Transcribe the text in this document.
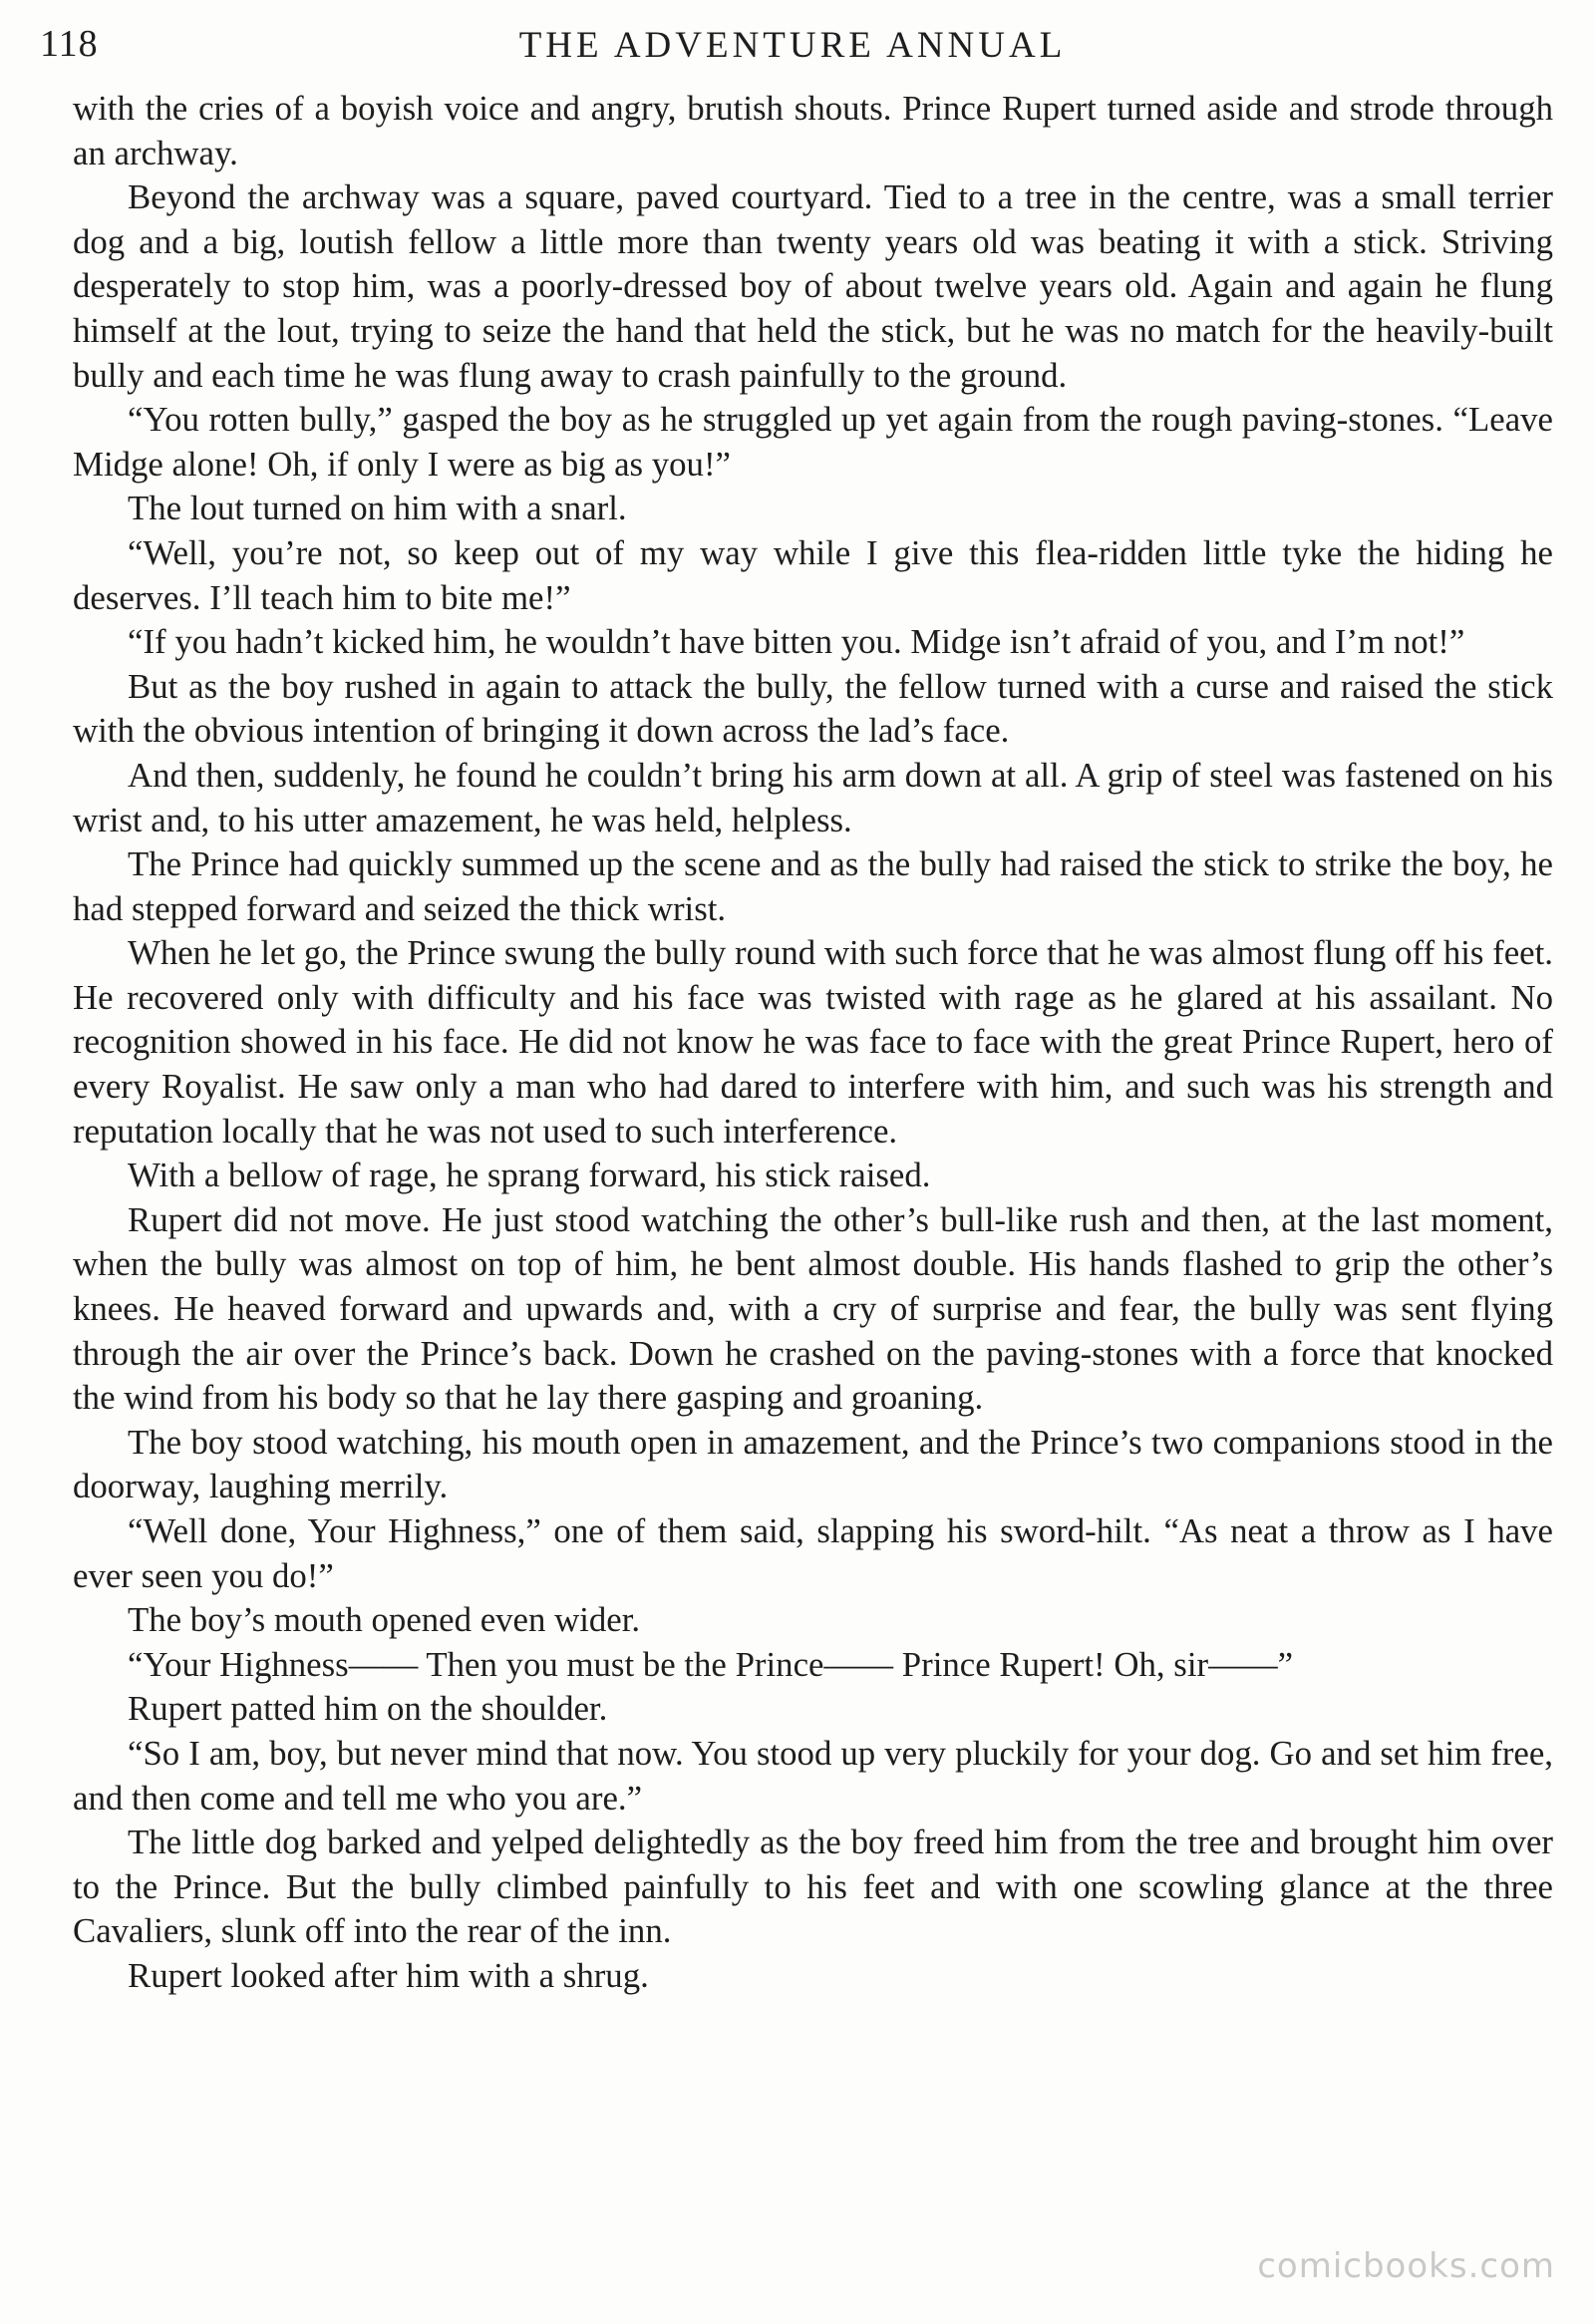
118	THE ADVENTURE ANNUAL

with the cries of a boyish voice and angry, brutish shouts. Prince Rupert turned aside and strode through an archway.

Beyond the archway was a square, paved courtyard. Tied to a tree in the centre, was a small terrier dog and a big, loutish fellow a little more than twenty years old was beating it with a stick. Striving desperately to stop him, was a poorly-dressed boy of about twelve years old. Again and again he flung himself at the lout, trying to seize the hand that held the stick, but he was no match for the heavily-built bully and each time he was flung away to crash painfully to the ground.

“You rotten bully,” gasped the boy as he struggled up yet again from the rough paving-stones. “Leave Midge alone! Oh, if only I were as big as you!”

The lout turned on him with a snarl.

“Well, you’re not, so keep out of my way while I give this flea-ridden little tyke the hiding he deserves. I’ll teach him to bite me!”

“If you hadn’t kicked him, he wouldn’t have bitten you. Midge isn’t afraid of you, and I’m not!”

But as the boy rushed in again to attack the bully, the fellow turned with a curse and raised the stick with the obvious intention of bringing it down across the lad’s face.

And then, suddenly, he found he couldn’t bring his arm down at all. A grip of steel was fastened on his wrist and, to his utter amazement, he was held, helpless.

The Prince had quickly summed up the scene and as the bully had raised the stick to strike the boy, he had stepped forward and seized the thick wrist.

When he let go, the Prince swung the bully round with such force that he was almost flung off his feet. He recovered only with difficulty and his face was twisted with rage as he glared at his assailant. No recognition showed in his face. He did not know he was face to face with the great Prince Rupert, hero of every Royalist. He saw only a man who had dared to interfere with him, and such was his strength and reputation locally that he was not used to such interference.

With a bellow of rage, he sprang forward, his stick raised.

Rupert did not move. He just stood watching the other’s bull-like rush and then, at the last moment, when the bully was almost on top of him, he bent almost double. His hands flashed to grip the other’s knees. He heaved forward and upwards and, with a cry of surprise and fear, the bully was sent flying through the air over the Prince’s back. Down he crashed on the paving-stones with a force that knocked the wind from his body so that he lay there gasping and groaning.

The boy stood watching, his mouth open in amazement, and the Prince’s two companions stood in the doorway, laughing merrily.

“Well done, Your Highness,” one of them said, slapping his sword-hilt. “As neat a throw as I have ever seen you do!”

The boy’s mouth opened even wider.

“Your Highness—— Then you must be the Prince—— Prince Rupert! Oh, sir——”

Rupert patted him on the shoulder.

“So I am, boy, but never mind that now. You stood up very pluckily for your dog. Go and set him free, and then come and tell me who you are.”

The little dog barked and yelped delightedly as the boy freed him from the tree and brought him over to the Prince. But the bully climbed painfully to his feet and with one scowling glance at the three Cavaliers, slunk off into the rear of the inn.

Rupert looked after him with a shrug.

comicbooks.com
